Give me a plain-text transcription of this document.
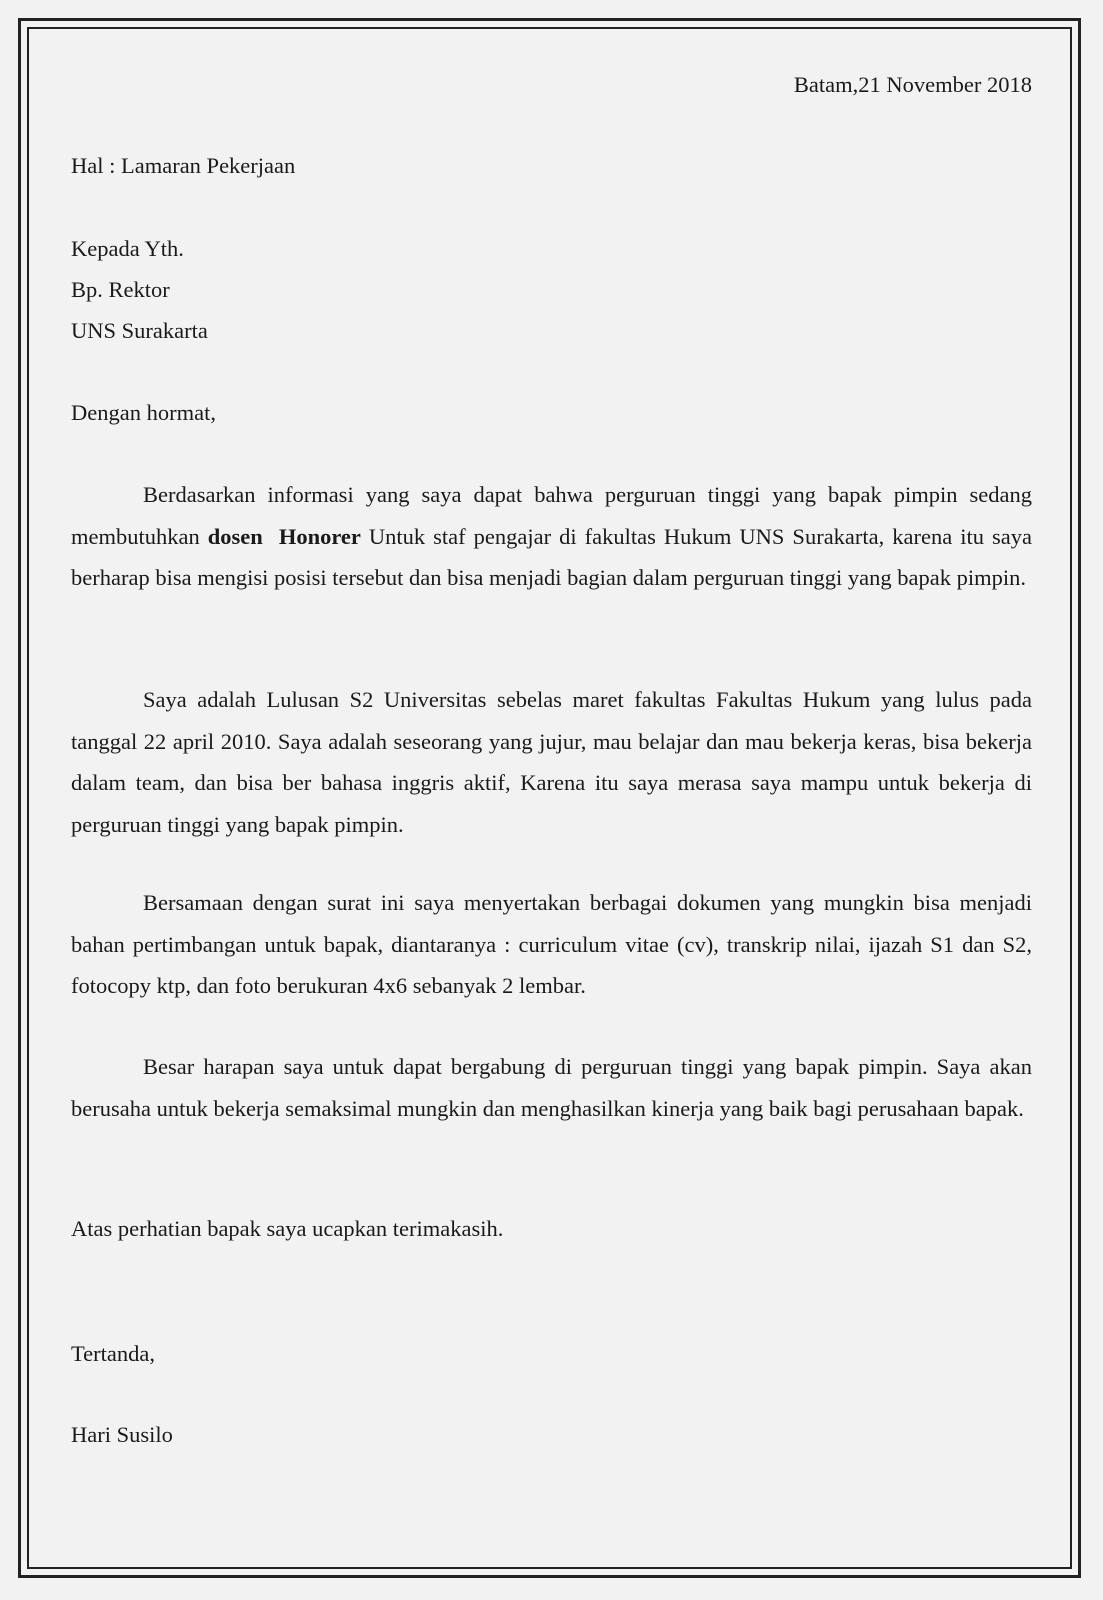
Batam,21 November 2018
Hal : Lamaran Pekerjaan
Kepada Yth.
Bp. Rektor
UNS Surakarta
Dengan hormat,

Berdasarkan informasi yang saya dapat bahwa perguruan tinggi yang bapak pimpin sedang membutuhkan dosen Honorer Untuk staf pengajar di fakultas Hukum UNS Surakarta, karena itu saya berharap bisa mengisi posisi tersebut dan bisa menjadi bagian dalam perguruan tinggi yang bapak pimpin.

Saya adalah Lulusan S2 Universitas sebelas maret fakultas Fakultas Hukum yang lulus pada tanggal 22 april 2010. Saya adalah seseorang yang jujur, mau belajar dan mau bekerja keras, bisa bekerja dalam team, dan bisa ber bahasa inggris aktif, Karena itu saya merasa saya mampu untuk bekerja di perguruan tinggi yang bapak pimpin.

Bersamaan dengan surat ini saya menyertakan berbagai dokumen yang mungkin bisa menjadi bahan pertimbangan untuk bapak, diantaranya : curriculum vitae (cv), transkrip nilai, ijazah S1 dan S2, fotocopy ktp, dan foto berukuran 4x6 sebanyak 2 lembar.

Besar harapan saya untuk dapat bergabung di perguruan tinggi yang bapak pimpin. Saya akan berusaha untuk bekerja semaksimal mungkin dan menghasilkan kinerja yang baik bagi perusahaan bapak.

Atas perhatian bapak saya ucapkan terimakasih.
Tertanda,
Hari Susilo
